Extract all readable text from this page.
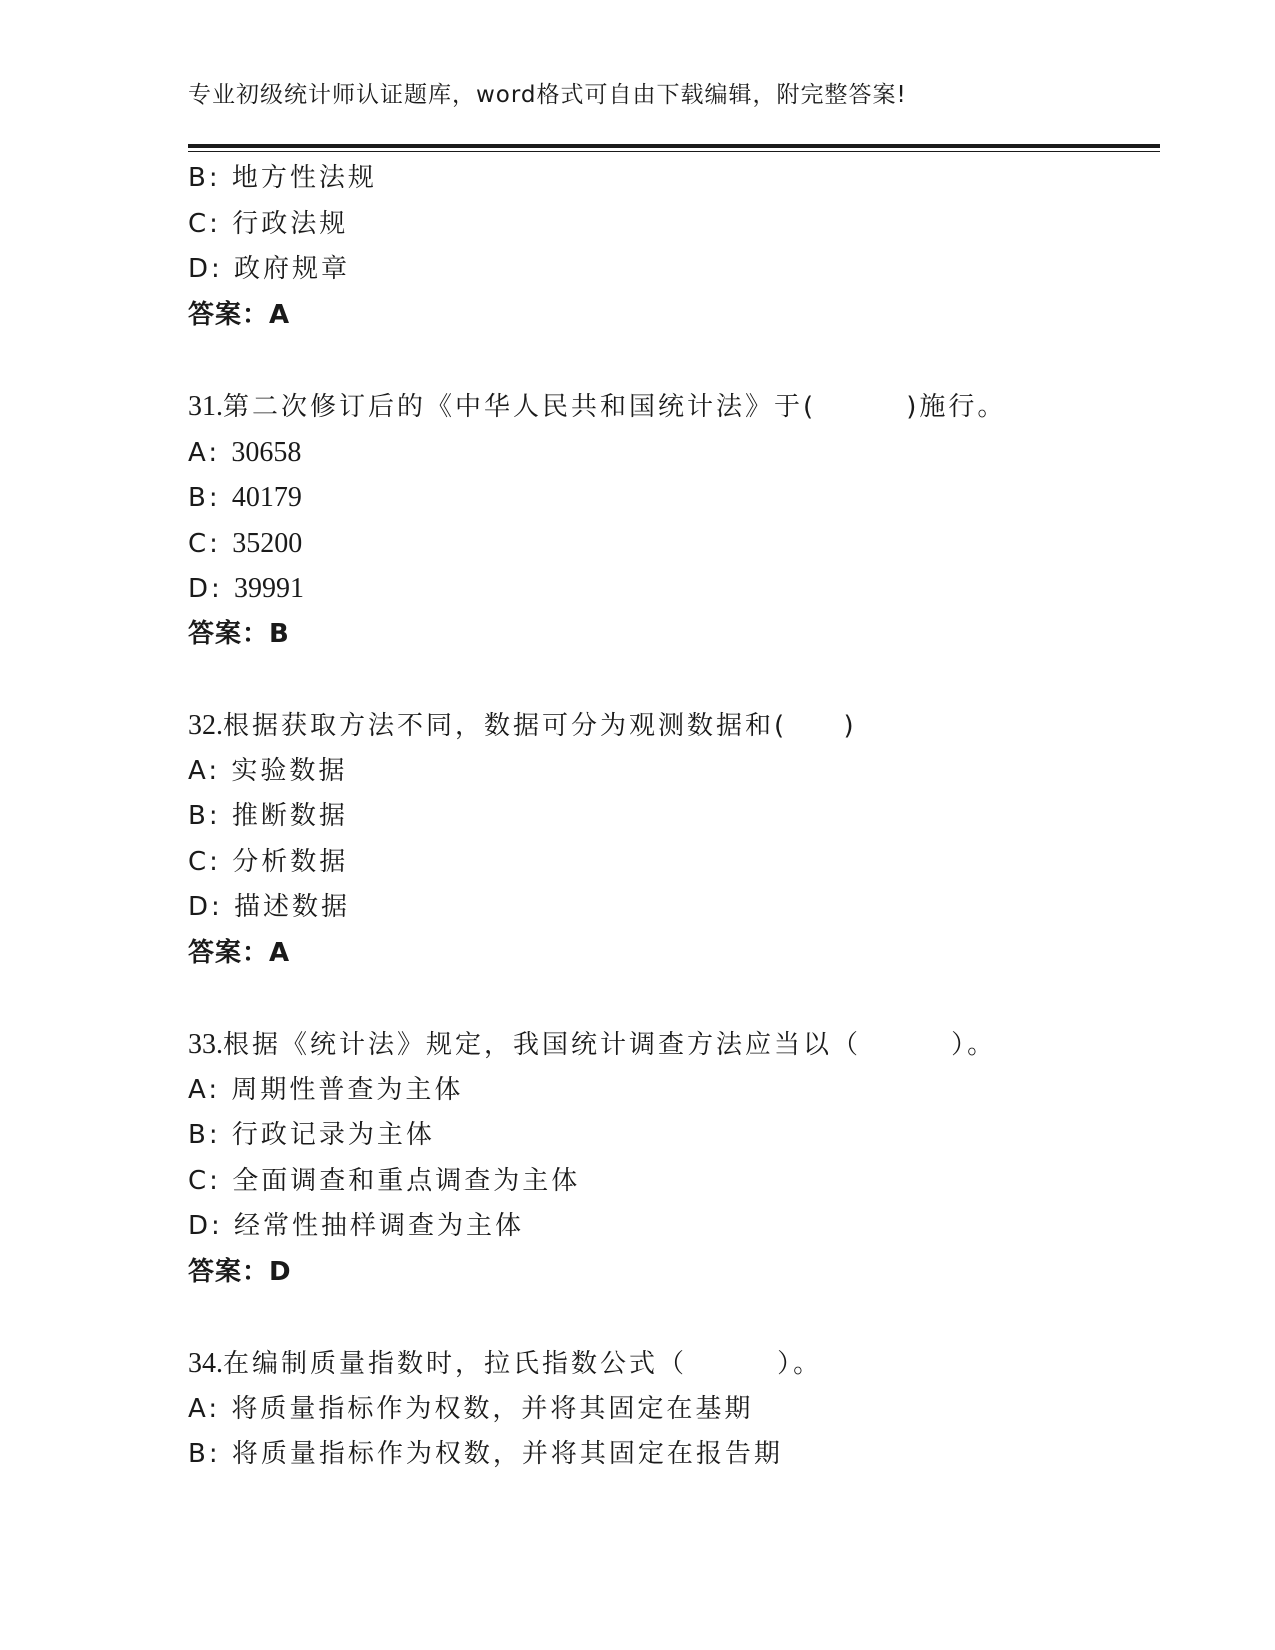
专业初级统计师认证题库，word格式可自由下载编辑，附完整答案!
B: 地方性法规
C: 行政法规
D: 政府规章
答案：A
31.第二次修订后的《中华人民共和国统计法》于(        )施行。
A: 30658
B: 40179
C: 35200
D: 39991
答案：B
32.根据获取方法不同，数据可分为观测数据和(     )
A: 实验数据
B: 推断数据
C: 分析数据
D: 描述数据
答案：A
33.根据《统计法》规定，我国统计调查方法应当以（        ）。
A: 周期性普查为主体
B: 行政记录为主体
C: 全面调查和重点调查为主体
D: 经常性抽样调查为主体
答案：D
34.在编制质量指数时，拉氏指数公式（        ）。
A: 将质量指标作为权数，并将其固定在基期
B: 将质量指标作为权数，并将其固定在报告期
